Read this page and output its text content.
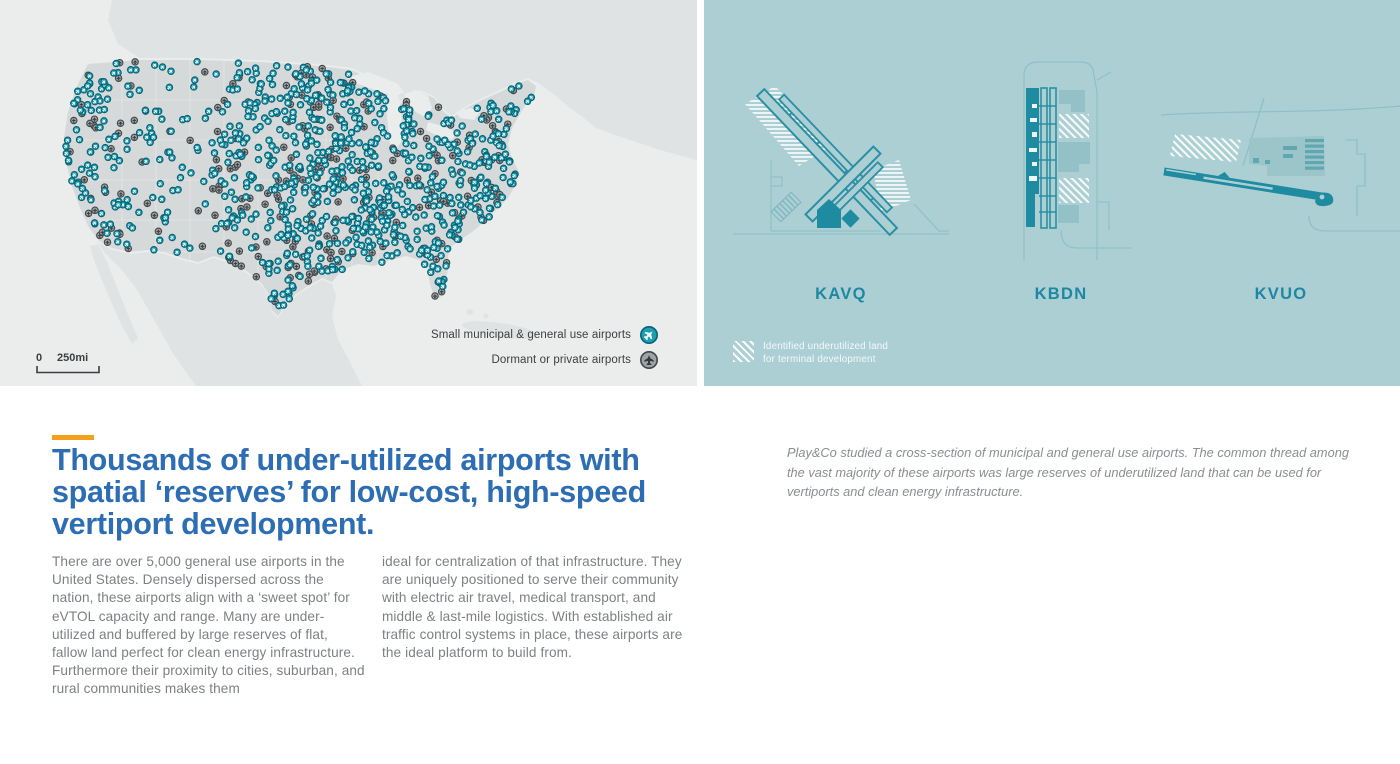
Small municipal & general use airports
Dormant or private airports
0 250mi
KAVQ	KBDN	KVUO
Identified underutilized land
for terminal development
Thousands of under-utilized airports with
spatial ‘reserves’ for low-cost, high-speed
vertiport development.

There are over 5,000 general use airports in the United States. Densely dispersed across the nation, these airports align with a ‘sweet spot’ for eVTOL capacity and range. Many are under-utilized and buffered by large reserves of flat, fallow land perfect for clean energy infrastructure. Furthermore their proximity to cities, suburban, and rural communities makes them

ideal for centralization of that infrastructure. They are uniquely positioned to serve their community with electric air travel, medical transport, and middle & last-mile logistics. With established air traffic control systems in place, these airports are the ideal platform to build from.

Play&Co studied a cross-section of municipal and general use airports. The common thread among the vast majority of these airports was large reserves of underutilized land that can be used for vertiports and clean energy infrastructure.
